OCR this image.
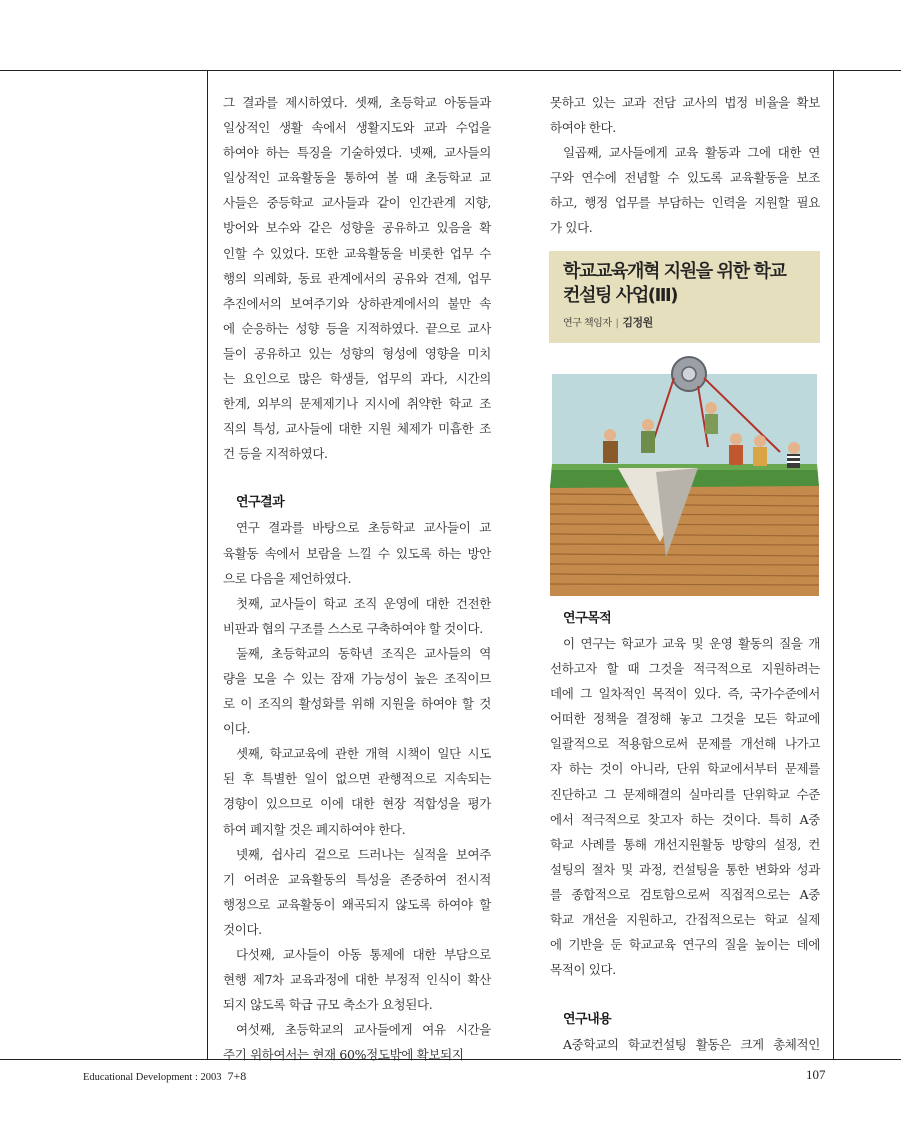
그 결과를 제시하였다. 셋째, 초등학교 아동들과

일상적인 생활 속에서 생활지도와 교과 수업을

하여야 하는 특징을 기술하였다. 넷째, 교사들의

일상적인 교육활동을 통하여 볼 때 초등학교 교

사들은 중등학교 교사들과 같이 인간관계 지향,

방어와 보수와 같은 성향을 공유하고 있음을 확

인할 수 있었다. 또한 교육활동을 비롯한 업무 수

행의 의례화, 동료 관계에서의 공유와 견제, 업무

추진에서의 보여주기와 상하관계에서의 불만 속

에 순응하는 성향 등을 지적하였다. 끝으로 교사

들이 공유하고 있는 성향의 형성에 영향을 미치

는 요인으로 많은 학생들, 업무의 과다, 시간의

한계, 외부의 문제제기나 지시에 취약한 학교 조

직의 특성, 교사들에 대한 지원 체제가 미흡한 조

건 등을 지적하였다.

연구결과

연구 결과를 바탕으로 초등학교 교사들이 교

육활동 속에서 보람을 느낄 수 있도록 하는 방안

으로 다음을 제언하였다.

첫째, 교사들이 학교 조직 운영에 대한 건전한

비판과 협의 구조를 스스로 구축하여야 할 것이다.

둘째, 초등학교의 동학년 조직은 교사들의 역

량을 모을 수 있는 잠재 가능성이 높은 조직이므

로 이 조직의 활성화를 위해 지원을 하여야 할 것

이다.

셋째, 학교교육에 관한 개혁 시책이 일단 시도

된 후 특별한 일이 없으면 관행적으로 지속되는

경향이 있으므로 이에 대한 현장 적합성을 평가

하여 폐지할 것은 폐지하여야 한다.

넷째, 쉽사리 겉으로 드러나는 실적을 보여주

기 어려운 교육활동의 특성을 존중하여 전시적

행정으로 교육활동이 왜곡되지 않도록 하여야 할

것이다.

다섯째, 교사들이 아동 통제에 대한 부담으로

현행 제7차 교육과정에 대한 부정적 인식이 확산

되지 않도록 학급 규모 축소가 요청된다.

여섯째, 초등학교의 교사들에게 여유 시간을

주기 위하여서는 현재 60%정도밖에 확보되지

못하고 있는 교과 전담 교사의 법정 비율을 확보

하여야 한다.

일곱째, 교사들에게 교육 활동과 그에 대한 연

구와 연수에 전념할 수 있도록 교육활동을 보조

하고, 행정 업무를 부담하는 인력을 지원할 필요

가 있다.

학교교육개혁 지원을 위한 학교

컨설팅 사업(Ⅲ)

연구 책임자 | 김정원
연구목적

이 연구는 학교가 교육 및 운영 활동의 질을 개

선하고자 할 때 그것을 적극적으로 지원하려는

데에 그 일차적인 목적이 있다. 즉, 국가수준에서

어떠한 정책을 결정해 놓고 그것을 모든 학교에

일괄적으로 적용함으로써 문제를 개선해 나가고

자 하는 것이 아니라, 단위 학교에서부터 문제를

진단하고 그 문제해결의 실마리를 단위학교 수준

에서 적극적으로 찾고자 하는 것이다. 특히 A중

학교 사례를 통해 개선지원활동 방향의 설정, 컨

설팅의 절차 및 과정, 컨설팅을 통한 변화와 성과

를 종합적으로 검토함으로써 직접적으로는 A중

학교 개선을 지원하고, 간접적으로는 학교 실제

에 기반을 둔 학교교육 연구의 질을 높이는 데에

목적이 있다.

연구내용

A중학교의 학교컨설팅 활동은 크게 총체적인

Educational Development : 2003 7+8	107
